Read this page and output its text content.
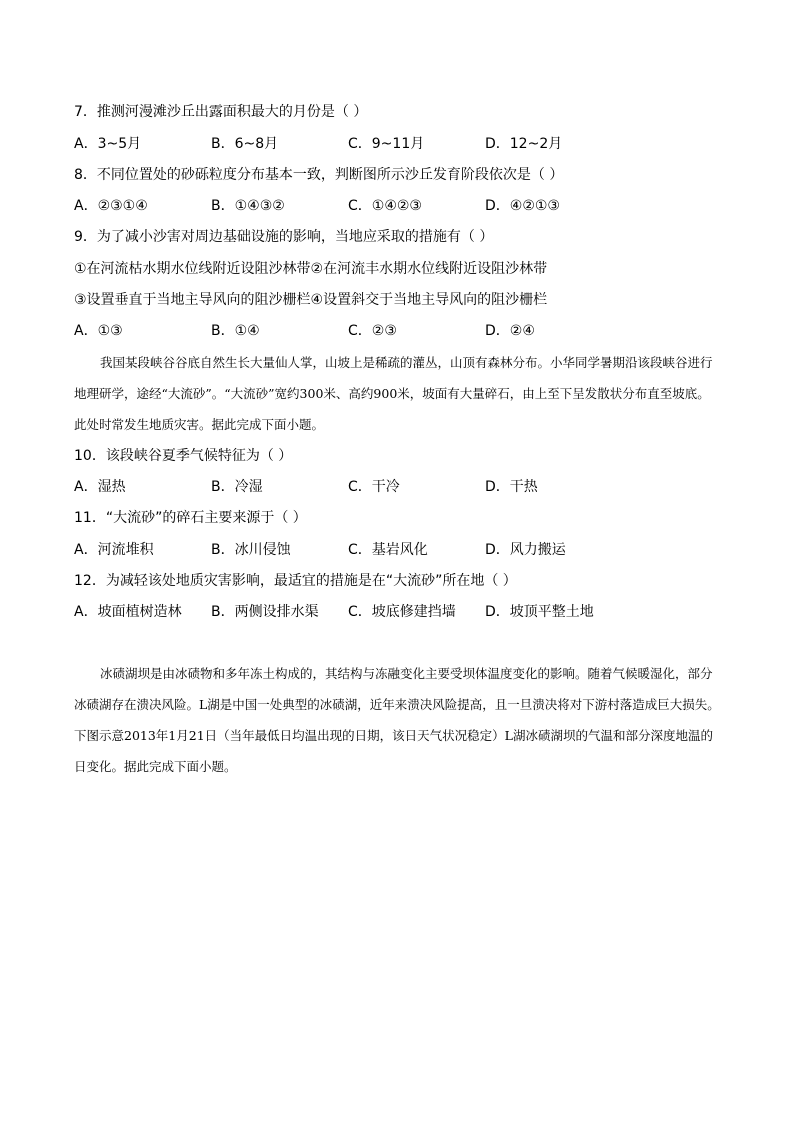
7．推测河漫滩沙丘出露面积最大的月份是（ ）
A．3~5月	B．6~8月	C．9~11月	D．12~2月
8．不同位置处的砂砾粒度分布基本一致，判断图所示沙丘发育阶段依次是（ ）
A．②③①④	B．①④③②	C．①④②③	D．④②①③
9．为了减小沙害对周边基础设施的影响，当地应采取的措施有（ ）
①在河流枯水期水位线附近设阻沙林带②在河流丰水期水位线附近设阻沙林带
③设置垂直于当地主导风向的阻沙栅栏④设置斜交于当地主导风向的阻沙栅栏
A．①③	B．①④	C．②③	D．②④
我国某段峡谷谷底自然生长大量仙人掌，山坡上是稀疏的灌丛，山顶有森林分布。小华同学暑期沿该段峡谷进行地理研学，途经“大流砂”。“大流砂”宽约300米、高约900米，坡面有大量碎石，由上至下呈发散状分布直至坡底。此处时常发生地质灾害。据此完成下面小题。
10．该段峡谷夏季气候特征为（ ）
A．湿热	B．冷湿	C．干冷	D．干热
11．“大流砂”的碎石主要来源于（ ）
A．河流堆积	B．冰川侵蚀	C．基岩风化	D．风力搬运
12．为减轻该处地质灾害影响，最适宜的措施是在“大流砂”所在地（ ）
A．坡面植树造林 B．两侧设排水渠 C．坡底修建挡墙 D．坡顶平整土地
冰碛湖坝是由冰碛物和多年冻土构成的，其结构与冻融变化主要受坝体温度变化的影响。随着气候暖湿化，部分冰碛湖存在溃决风险。L湖是中国一处典型的冰碛湖，近年来溃决风险提高，且一旦溃决将对下游村落造成巨大损失。下图示意2013年1月21日（当年最低日均温出现的日期，该日天气状况稳定）L湖冰碛湖坝的气温和部分深度地温的日变化。据此完成下面小题。
